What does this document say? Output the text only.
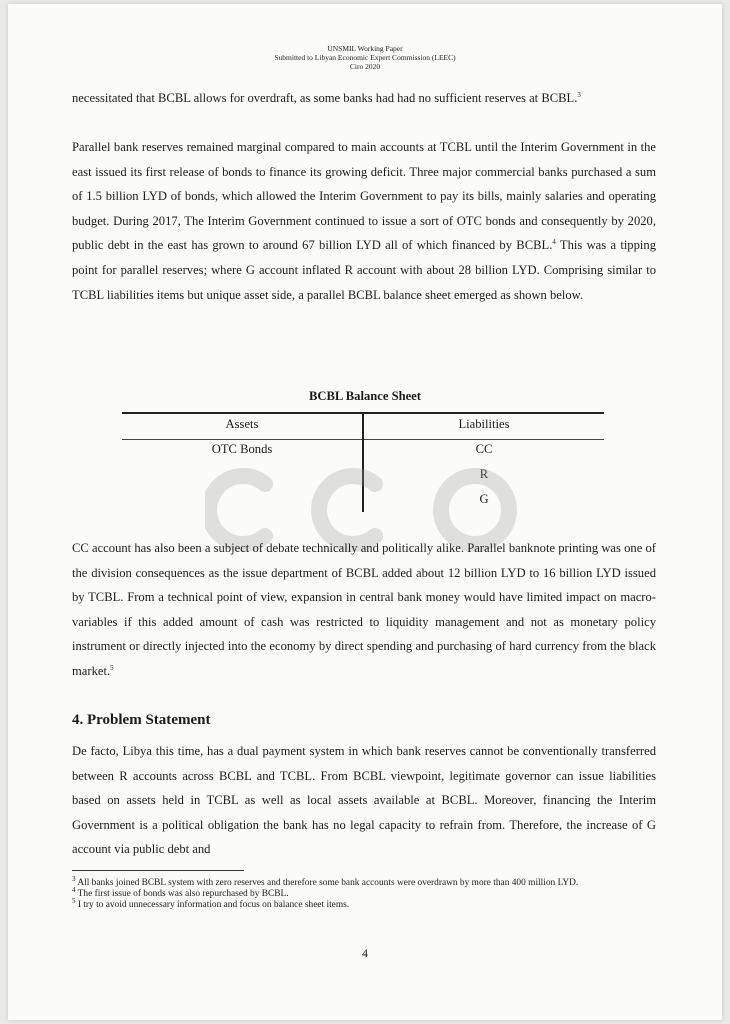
UNSMIL Working Paper
Submitted to Libyan Economic Expert Commission (LEEC)
Ciro 2020

necessitated that BCBL allows for overdraft, as some banks had had no sufficient reserves at BCBL.$^3$

Parallel bank reserves remained marginal compared to main accounts at TCBL until the Interim Government in the east issued its first release of bonds to finance its growing deficit. Three major commercial banks purchased a sum of 1.5 billion LYD of bonds, which allowed the Interim Government to pay its bills, mainly salaries and operating budget. During 2017, The Interim Government continued to issue a sort of OTC bonds and consequently by 2020, public debt in the east has grown to around 67 billion LYD all of which financed by BCBL.$^4$ This was a tipping point for parallel reserves; where G account inflated R account with about 28 billion LYD. Comprising similar to TCBL liabilities items but unique asset side, a parallel BCBL balance sheet emerged as shown below.

BCBL Balance Sheet
Assets	Liabilities
OTC Bonds	CC
R
G

CC account has also been a subject of debate technically and politically alike. Parallel banknote printing was one of the division consequences as the issue department of BCBL added about 12 billion LYD to 16 billion LYD issued by TCBL. From a technical point of view, expansion in central bank money would have limited impact on macro-variables if this added amount of cash was restricted to liquidity management and not as monetary policy instrument or directly injected into the economy by direct spending and purchasing of hard currency from the black market.$^5$

4. Problem Statement

De facto, Libya this time, has a dual payment system in which bank reserves cannot be conventionally transferred between R accounts across BCBL and TCBL. From BCBL viewpoint, legitimate governor can issue liabilities based on assets held in TCBL as well as local assets available at BCBL. Moreover, financing the Interim Government is a political obligation the bank has no legal capacity to refrain from. Therefore, the increase of G account via public debt and

$^3$ All banks joined BCBL system with zero reserves and therefore some bank accounts were overdrawn by more than 400 million LYD.
$^4$ The first issue of bonds was also repurchased by BCBL.
$^5$ I try to avoid unnecessary information and focus on balance sheet items.
4
